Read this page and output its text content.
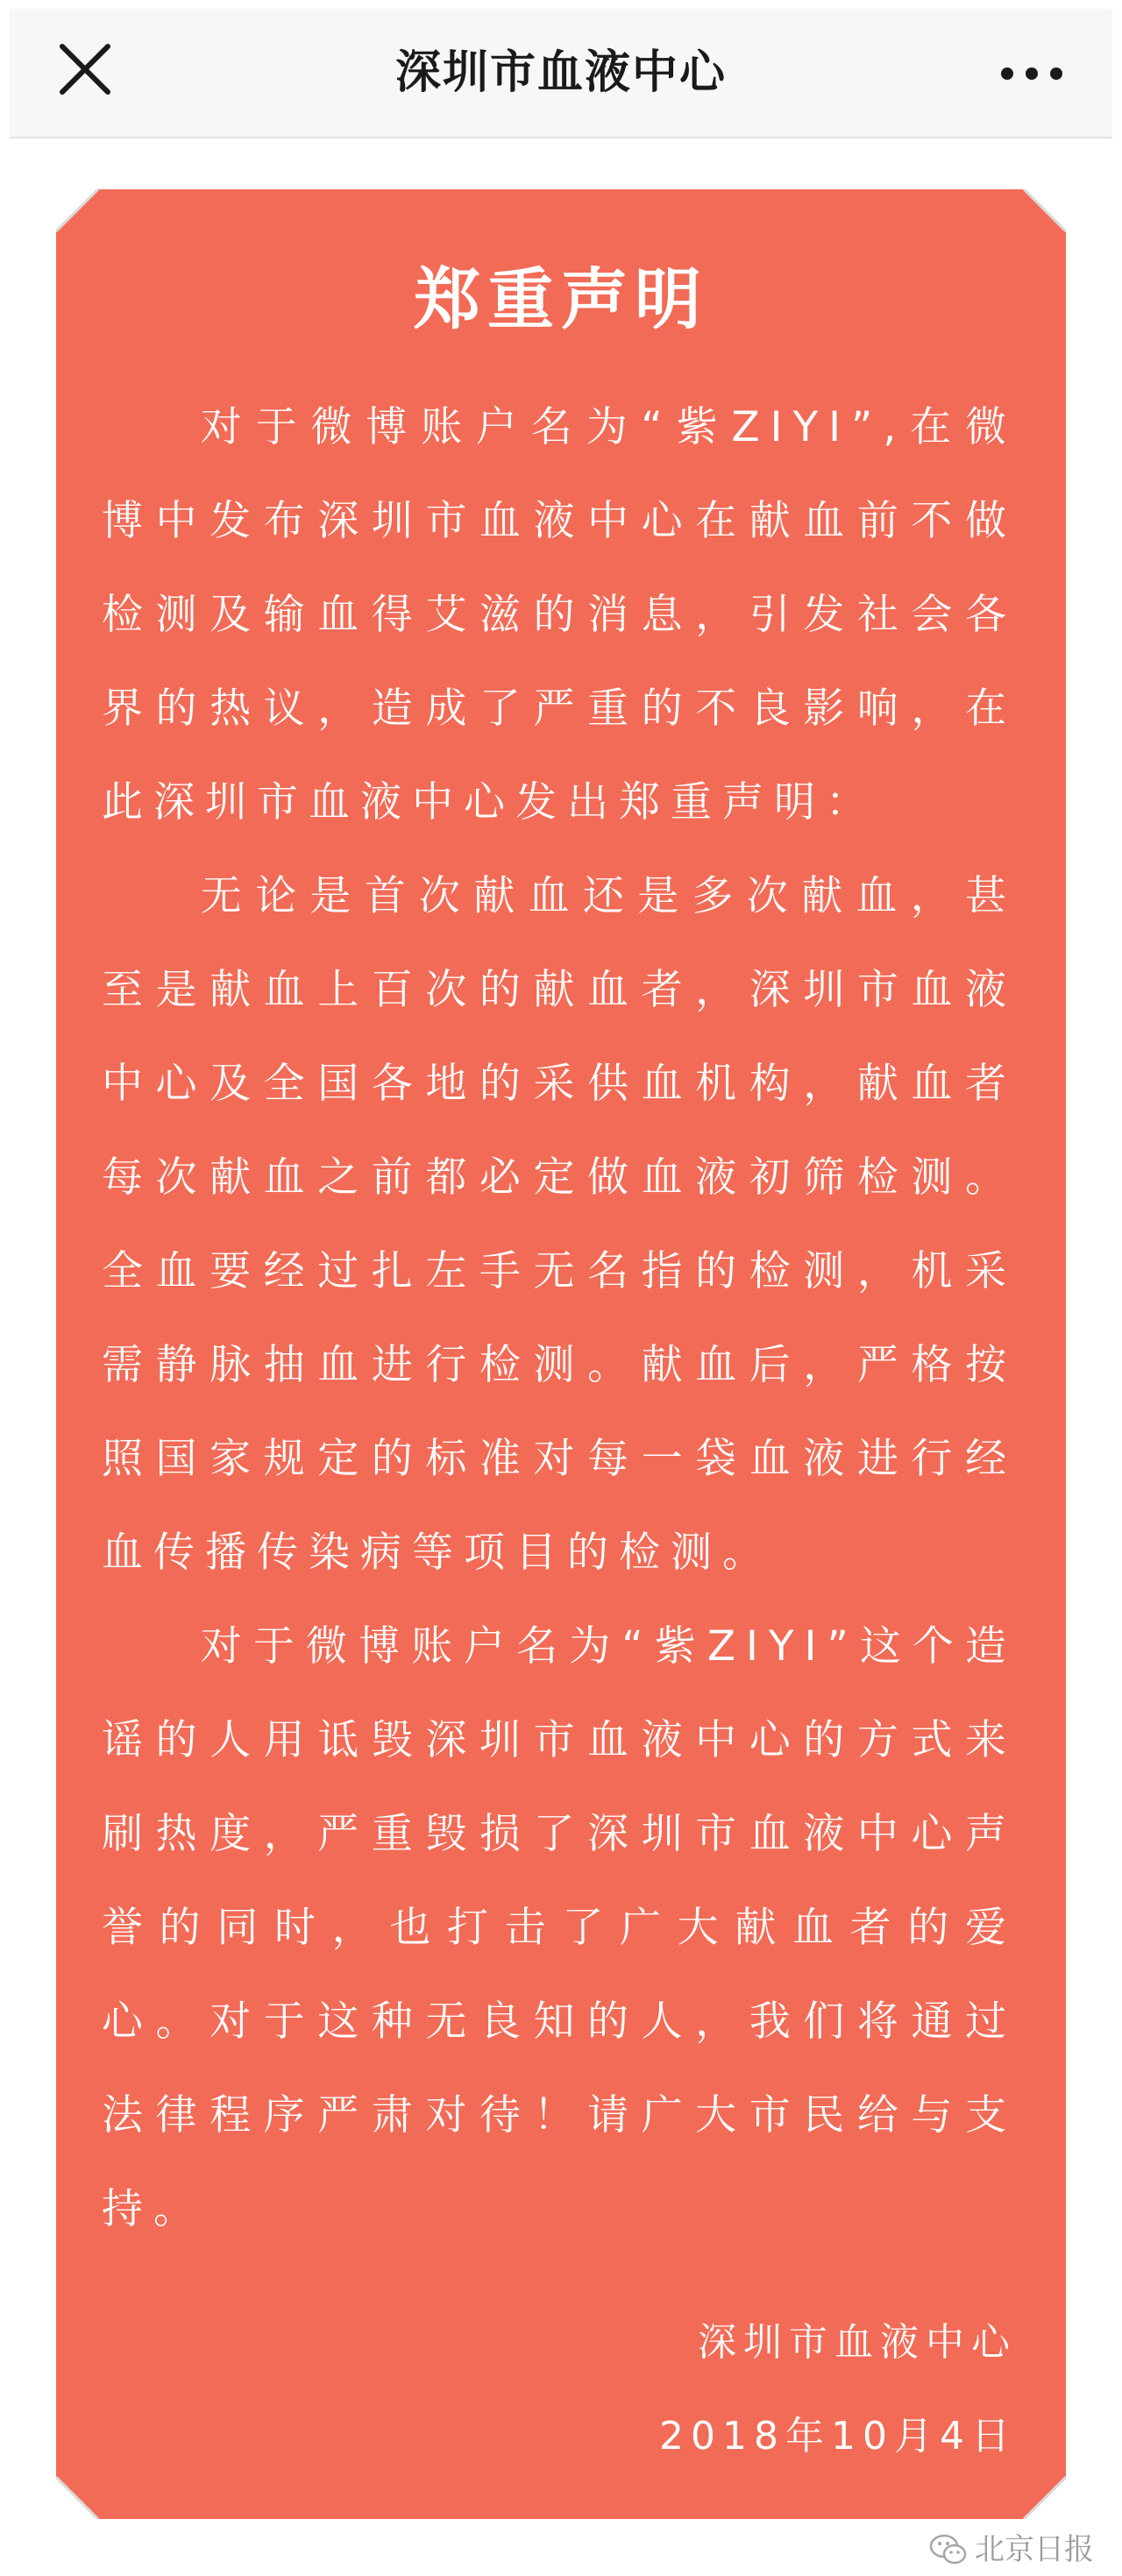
深圳市血液中心
郑重声明

对于微博账户名为“紫ZIYI”,在微博中发布深圳市血液中心在献血前不做检测及输血得艾滋的消息，引发社会各界的热议，造成了严重的不良影响，在此深圳市血液中心发出郑重声明：

无论是首次献血还是多次献血，甚至是献血上百次的献血者，深圳市血液中心及全国各地的采供血机构，献血者每次献血之前都必定做血液初筛检测。全血要经过扎左手无名指的检测，机采需静脉抽血进行检测。献血后，严格按照国家规定的标准对每一袋血液进行经血传播传染病等项目的检测。

对于微博账户名为“紫ZIYI”这个造谣的人用诋毁深圳市血液中心的方式来刷热度，严重毁损了深圳市血液中心声誉的同时，也打击了广大献血者的爱心。对于这种无良知的人，我们将通过法律程序严肃对待！请广大市民给与支持。

深圳市血液中心
2018年10月4日
北京日报
